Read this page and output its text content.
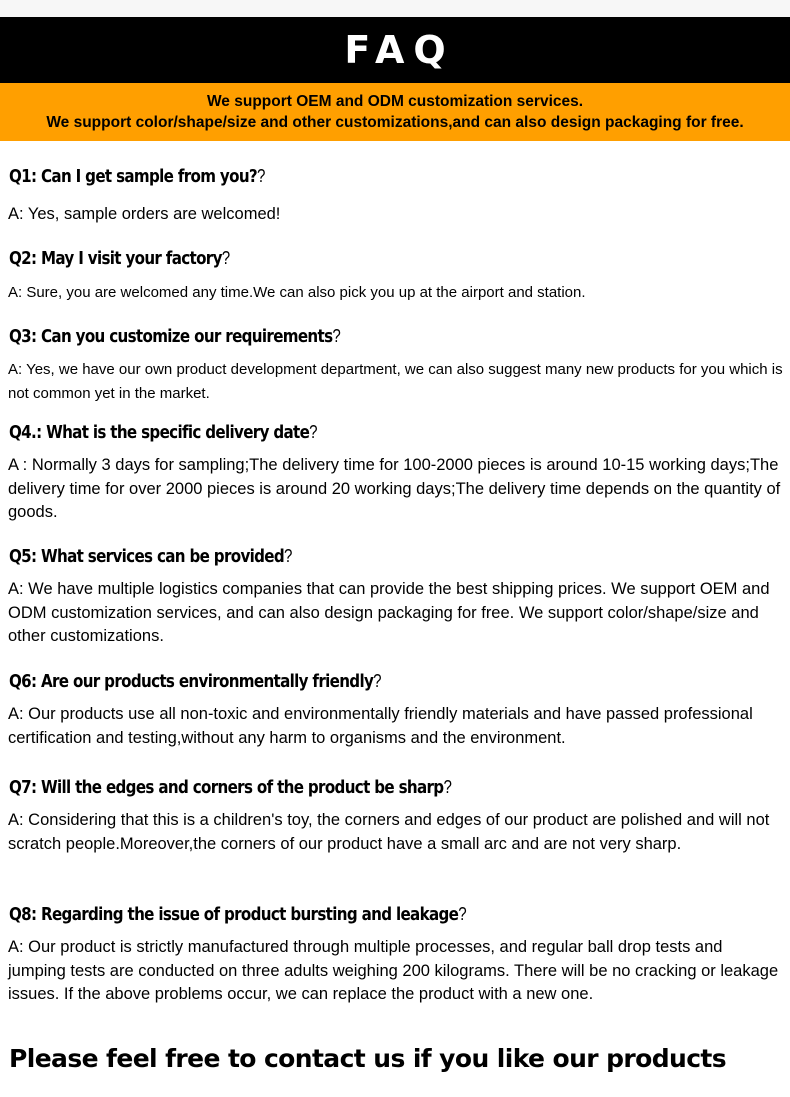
FAQ
We support OEM and ODM customization services.
We support color/shape/size and other customizations,and can also design packaging for free.
Q1: Can I get sample from you??
A: Yes, sample orders are welcomed!
Q2: May I visit your factory?
A: Sure, you are welcomed any time.We can also pick you up at the airport and station.
Q3: Can you customize our requirements?
A: Yes, we have our own product development department, we can also suggest many new products for you which is not common yet in the market.
Q4.: What is the specific delivery date?
A : Normally 3 days for sampling;The delivery time for 100-2000 pieces is around 10-15 working days;The delivery time for over 2000 pieces is around 20 working days;The delivery time depends on the quantity of goods.
Q5: What services can be provided?
A: We have multiple logistics companies that can provide the best shipping prices. We support OEM and ODM customization services, and can also design packaging for free. We support color/shape/size and other customizations.
Q6: Are our products environmentally friendly?
A: Our products use all non-toxic and environmentally friendly materials and have passed professional certification and testing,without any harm to organisms and the environment.
Q7: Will the edges and corners of the product be sharp?
A: Considering that this is a children's toy, the corners and edges of our product are polished and will not scratch people.Moreover,the corners of our product have a small arc and are not very sharp.
Q8: Regarding the issue of product bursting and leakage?
A: Our product is strictly manufactured through multiple processes, and regular ball drop tests and jumping tests are conducted on three adults weighing 200 kilograms. There will be no cracking or leakage issues. If the above problems occur, we can replace the product with a new one.
Please feel free to contact us if you like our products
